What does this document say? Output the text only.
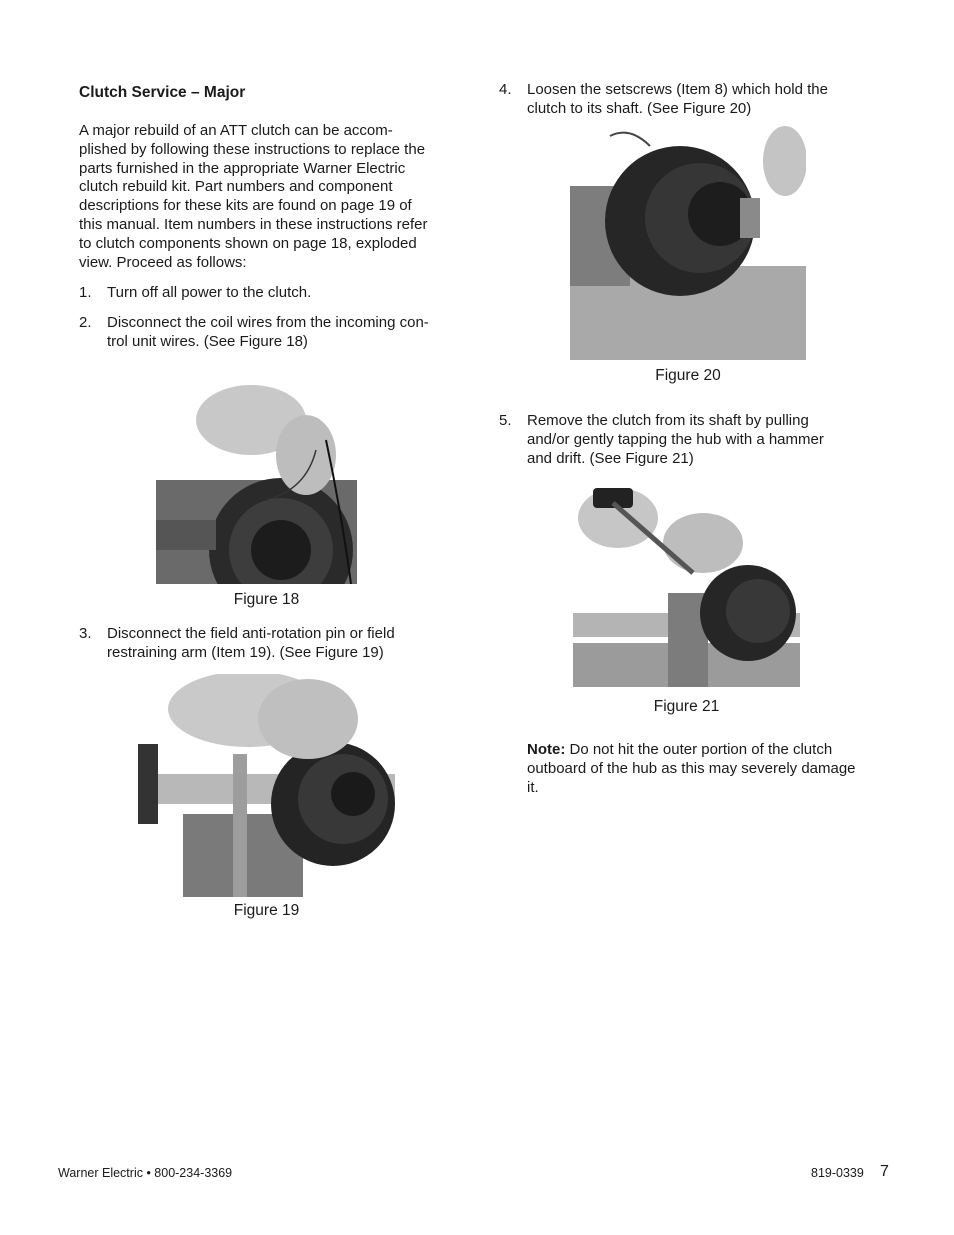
Clutch Service – Major
A major rebuild of an ATT clutch can be accom-
plished by following these instructions to replace the
parts furnished in the appropriate Warner Electric
clutch rebuild kit. Part numbers and component
descriptions for these kits are found on page 19 of
this manual. Item numbers in these instructions refer
to clutch components shown on page 18, exploded
view. Proceed as follows:
1. Turn off all power to the clutch.
2. Disconnect the coil wires from the incoming con-
trol unit wires. (See Figure 18)
Figure 18
3. Disconnect the field anti-rotation pin or field
restraining arm (Item 19). (See Figure 19)
Figure 19
4. Loosen the setscrews (Item 8) which hold the
clutch to its shaft. (See Figure 20)
Figure 20
5. Remove the clutch from its shaft by pulling
and/or gently tapping the hub with a hammer
and drift. (See Figure 21)
Figure 21
Note: Do not hit the outer portion of the clutch
outboard of the hub as this may severely damage
it.
Warner Electric • 800-234-3369	819-0339 7
